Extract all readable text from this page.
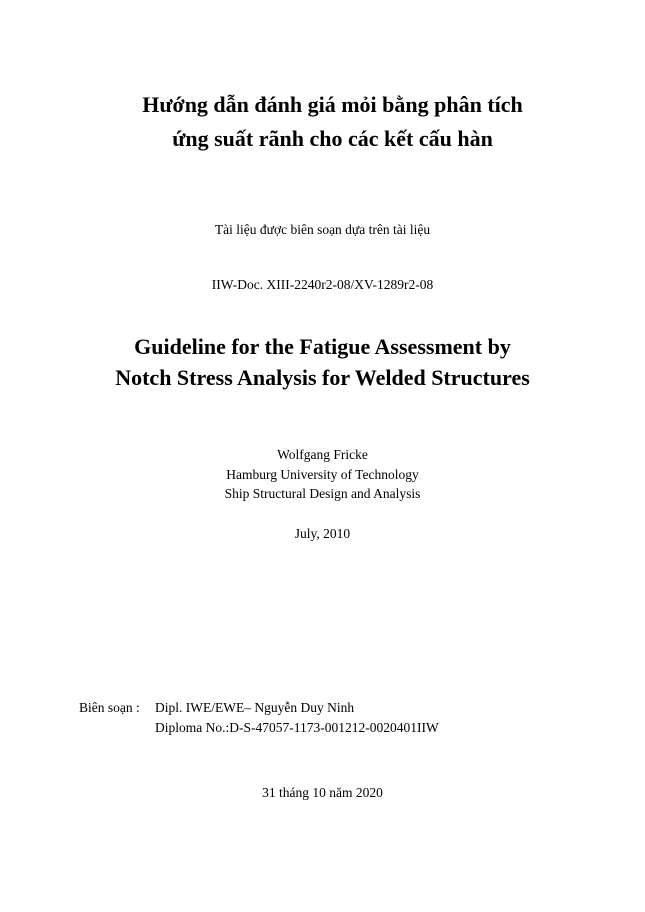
Hướng dẫn đánh giá mỏi bằng phân tích
ứng suất rãnh cho các kết cấu hàn
Tài liệu được biên soạn dựa trên tài liệu
IIW-Doc. XIII-2240r2-08/XV-1289r2-08
Guideline for the Fatigue Assessment by
Notch Stress Analysis for Welded Structures
Wolfgang Fricke
Hamburg University of Technology
Ship Structural Design and Analysis
July, 2010
Biên soạn :	Dipl. IWE/EWE– Nguyễn Duy Ninh
Diploma No.:D-S-47057-1173-001212-0020401IIW
31 tháng 10 năm 2020
